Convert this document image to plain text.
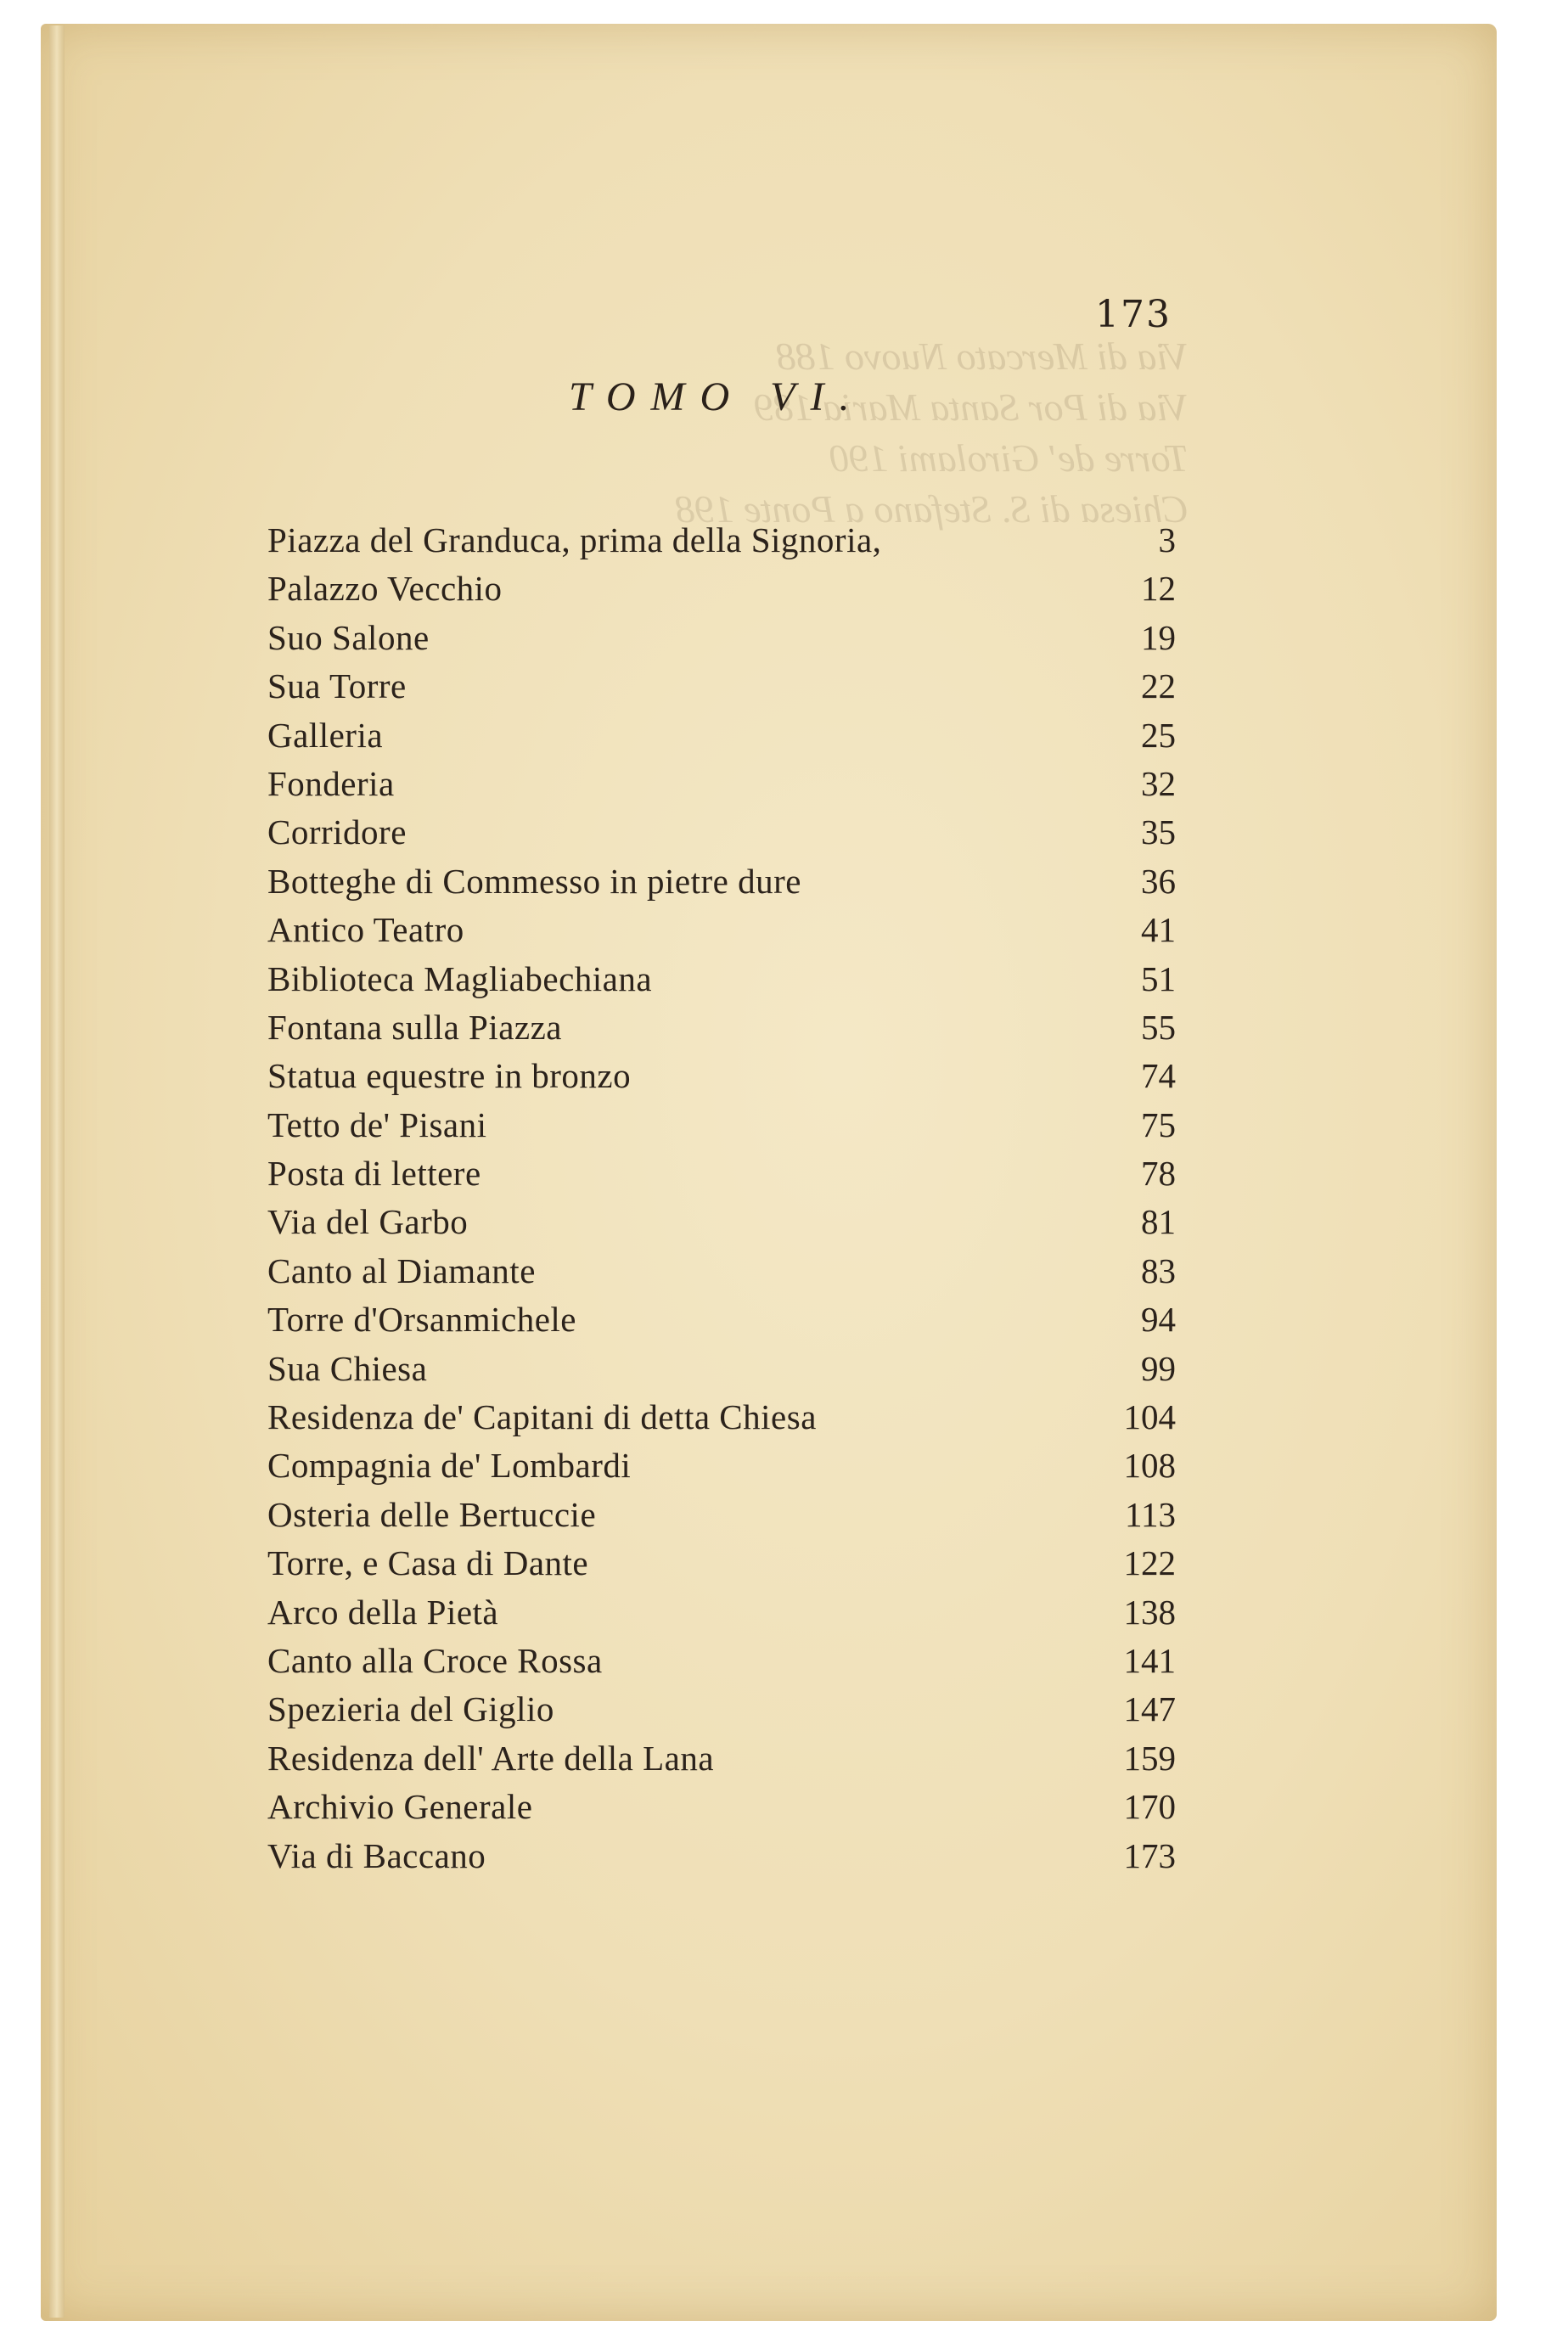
Via di Mercato Nuovo 188
Via di Por Santa Maria 189
Torre de' Girolami 190
Chiesa di S. Stefano a Ponte 198
173
TOMO VI.
Piazza del Granduca, prima della Signoria,	3
Palazzo Vecchio	12
Suo Salone	19
Sua Torre	22
Galleria	25
Fonderia	32
Corridore	35
Botteghe di Commesso in pietre dure	36
Antico Teatro	41
Biblioteca Magliabechiana	51
Fontana sulla Piazza	55
Statua equestre in bronzo	74
Tetto de' Pisani	75
Posta di lettere	78
Via del Garbo	81
Canto al Diamante	83
Torre d'Orsanmichele	94
Sua Chiesa	99
Residenza de' Capitani di detta Chiesa	104
Compagnia de' Lombardi	108
Osteria delle Bertuccie	113
Torre, e Casa di Dante	122
Arco della Pietà	138
Canto alla Croce Rossa	141
Spezieria del Giglio	147
Residenza dell' Arte della Lana	159
Archivio Generale	170
Via di Baccano	173
